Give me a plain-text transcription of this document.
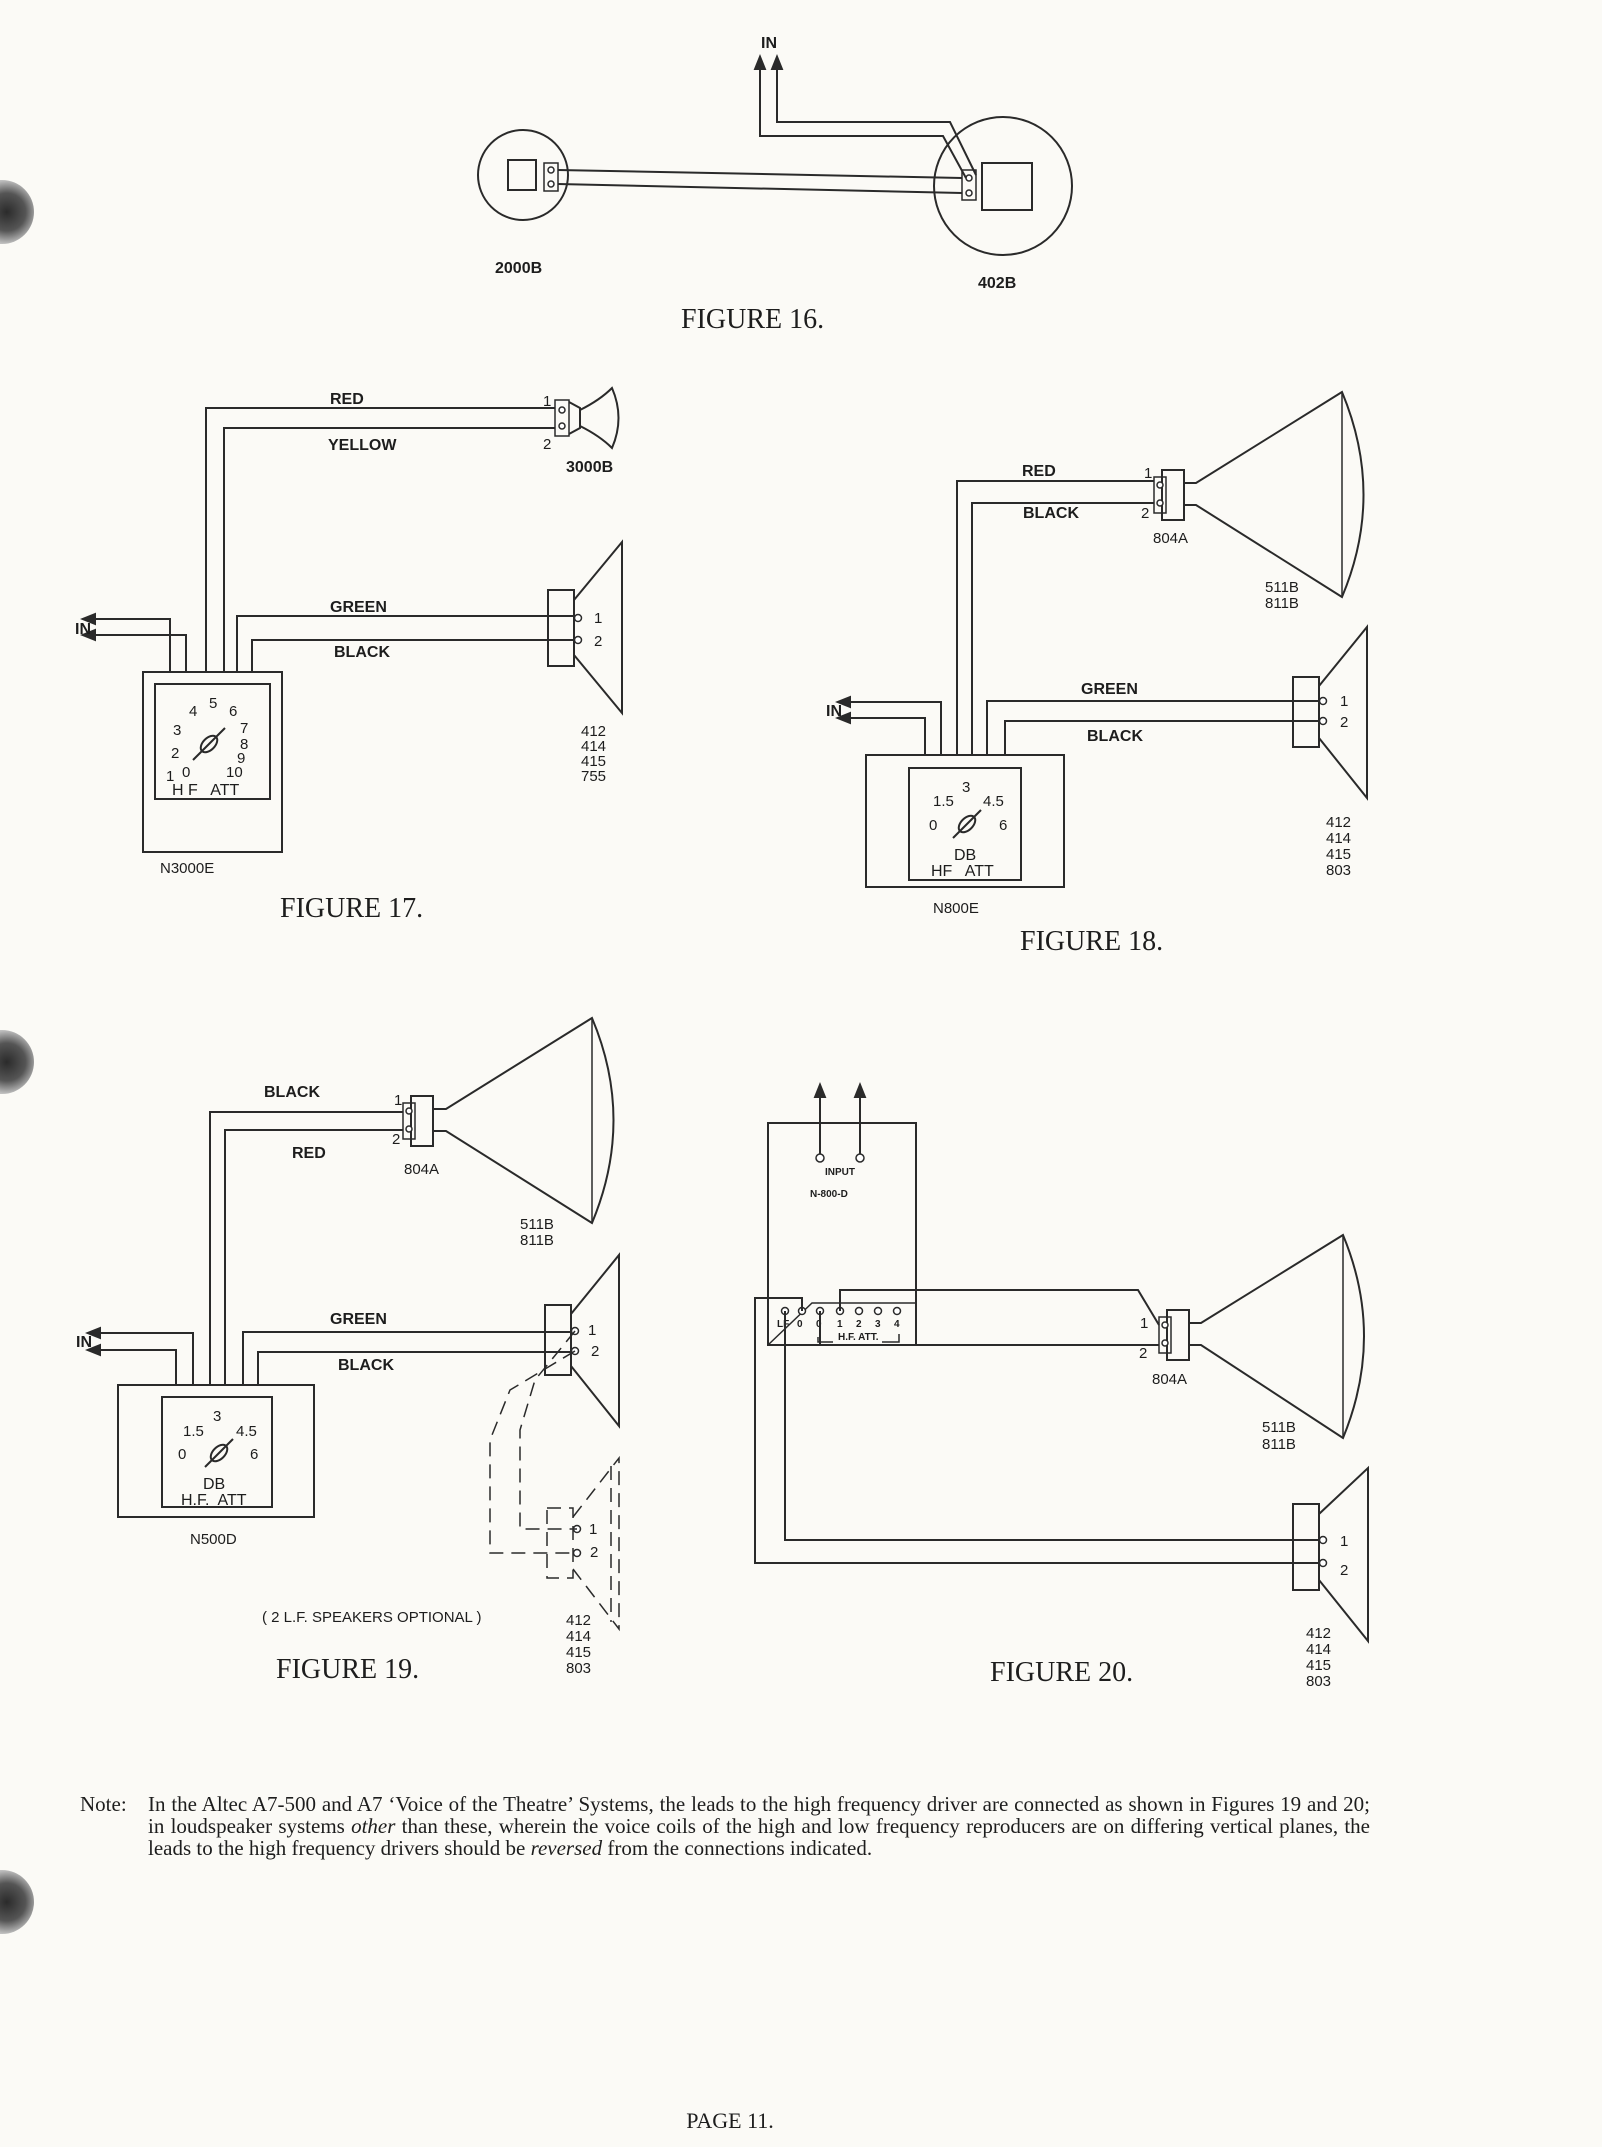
IN
2000B
402B
FIGURE 16.
RED
YELLOW
GREEN
BLACK
IN
1
2
1
2
3000B
412
414
415
755
1
2
3
4 5 6
7
8
9
10
0
H F   ATT
N3000E
FIGURE 17.
RED
BLACK
GREEN
BLACK
IN
1
2
1
2
804A
511B
811B
412
414
415
803
3
1.5 4.5
0	6
DB
HF   ATT
N800E
FIGURE 18.
BLACK
RED
GREEN
BLACK
IN
1
2
1
2
1
2
804A
511B
811B
412
414
415
803
3
1.5 4.5
0	6
DB
H.F.  ATT
N500D
( 2 L.F. SPEAKERS OPTIONAL )
FIGURE 19.
INPUT
N-800-D
LF 0 0 1 2 3 4
H.F. ATT.
1
2
1
2
804A
511B
811B
412
414
415
803
FIGURE 20.
Note: In the Altec A7-500 and A7 ‘Voice of the Theatre’ Systems, the leads to the high frequency driver are connected as shown in Figures 19 and 20; in loudspeaker systems other than these, wherein the voice coils of the high and low frequency reproducers are on differing vertical planes, the leads to the high frequency drivers should be reversed from the connections indicated.
PAGE 11.
